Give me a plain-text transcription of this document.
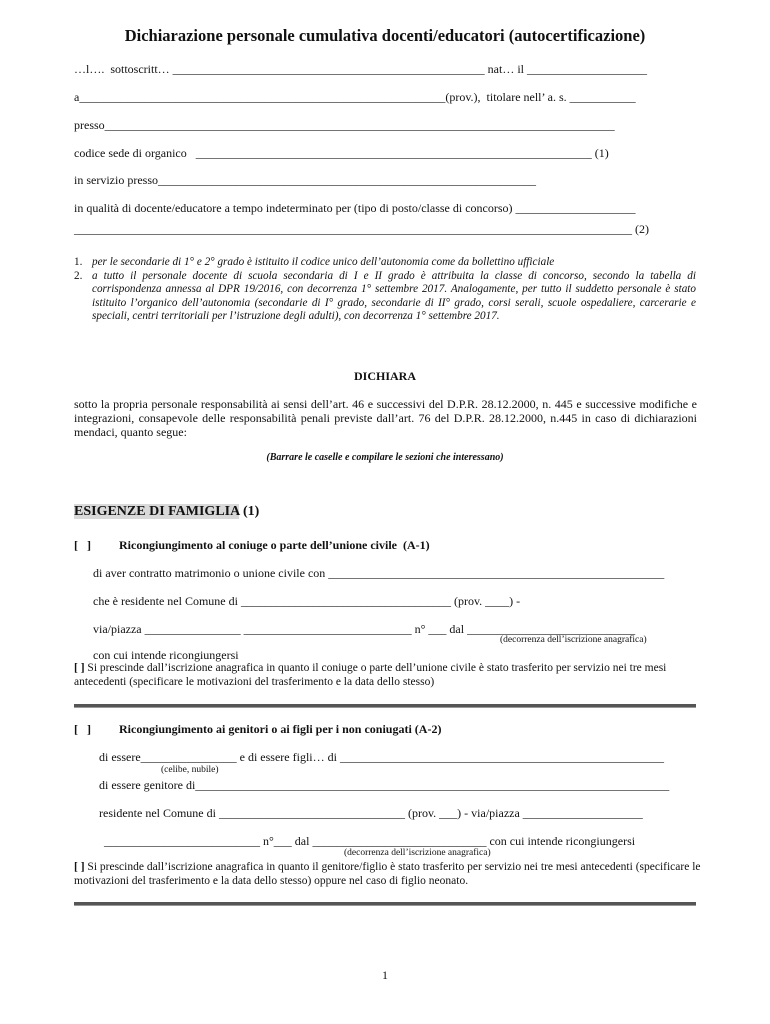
Dichiarazione personale cumulativa docenti/educatori (autocertificazione)
…l….  sottoscritt… ____________________________________________________ nat… il ____________________
a_____________________________________________________________(prov.),  titolare nell’ a. s. ___________
presso_____________________________________________________________________________________
codice sede di organico   __________________________________________________________________ (1)
in servizio presso_______________________________________________________________
in qualità di docente/educatore a tempo indeterminato per (tipo di posto/classe di concorso) ____________________
_____________________________________________________________________________________________ (2)
1. per le secondarie di 1° e 2° grado è istituito il codice unico dell’autonomia come da bollettino ufficiale
2. a tutto il personale docente di scuola secondaria di I e II grado è attribuita la classe di concorso, secondo la tabella di corrispondenza annessa al DPR 19/2016, con decorrenza 1° settembre 2017. Analogamente, per tutto il suddetto personale è stato istituito l’organico dell’autonomia (secondarie di I° grado, secondarie di II° grado, corsi serali, scuole ospedaliere, carcerarie e speciali, centri territoriali per l’istruzione degli adulti), con decorrenza 1° settembre 2017.
DICHIARA
sotto la propria personale responsabilità ai sensi dell’art. 46 e successivi del D.P.R. 28.12.2000, n. 445 e successive modifiche e integrazioni, consapevole delle responsabilità penali previste dall’art. 76 del D.P.R. 28.12.2000, n.445 in caso di dichiarazioni mendaci, quanto segue:
(Barrare le caselle e compilare le sezioni che interessano)
ESIGENZE DI FAMIGLIA (1)
[   ] Ricongiungimento al coniuge o parte dell’unione civile  (A-1)
di aver contratto matrimonio o unione civile con ________________________________________________________
che è residente nel Comune di ___________________________________ (prov. ____) -
via/piazza ________________ ____________________________ n° ___ dal ____________________________
(decorrenza dell’iscrizione anagrafica)
con cui intende ricongiungersi
[ ] Si prescinde dall’iscrizione anagrafica in quanto il coniuge o parte dell’unione civile è stato trasferito per servizio nei tre mesi antecedenti (specificare le motivazioni del trasferimento e la data dello stesso)
[   ] Ricongiungimento ai genitori o ai figli per i non coniugati (A-2)
di essere________________ e di essere figli… di ______________________________________________________
(celibe, nubile)
di essere genitore di_______________________________________________________________________________
residente nel Comune di _______________________________ (prov. ___) - via/piazza ____________________
__________________________ n°___ dal _____________________________ con cui intende ricongiungersi
(decorrenza dell’iscrizione anagrafica)
[ ] Si prescinde dall’iscrizione anagrafica in quanto il genitore/figlio è stato trasferito per servizio nei tre mesi antecedenti (specificare le motivazioni del trasferimento e la data dello stesso) oppure nel caso di figlio neonato.
1
